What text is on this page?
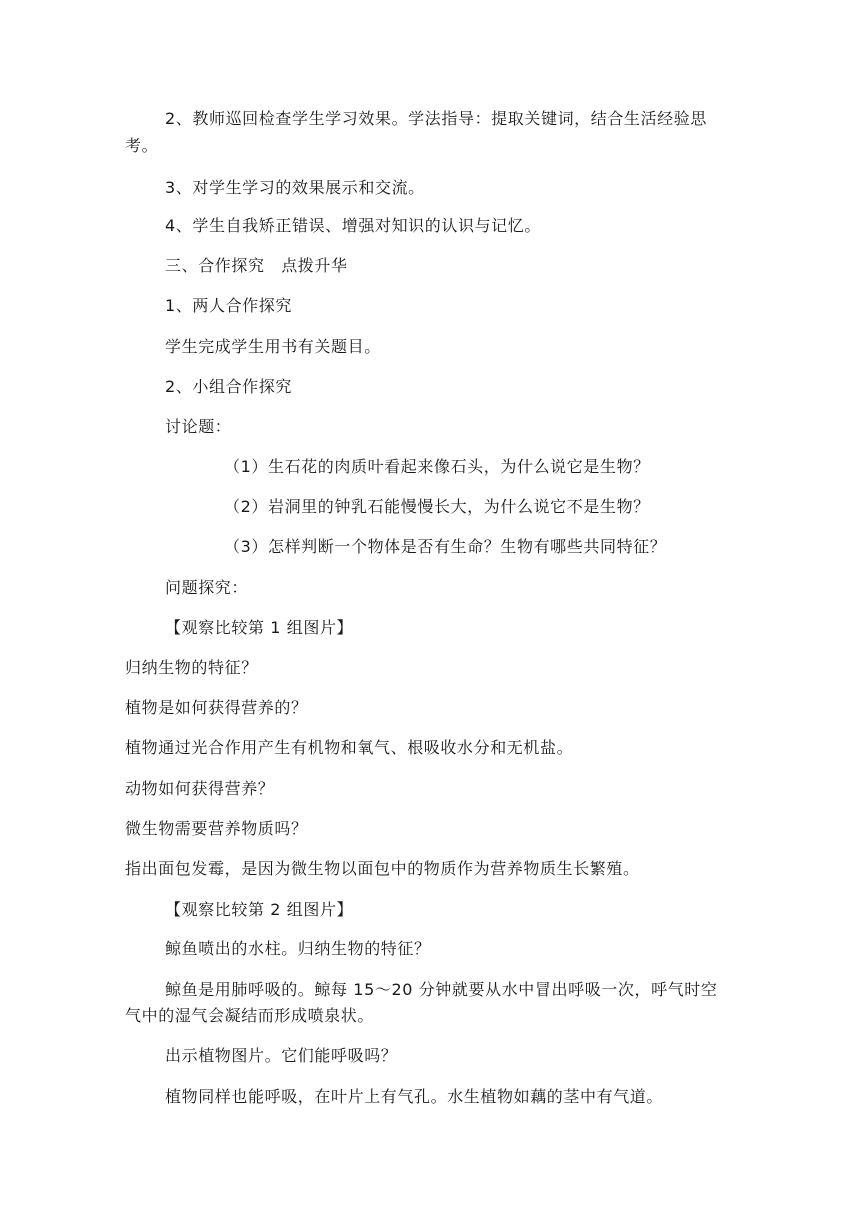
2、教师巡回检查学生学习效果。学法指导：提取关键词，结合生活经验思
考。
3、对学生学习的效果展示和交流。
4、学生自我矫正错误、增强对知识的认识与记忆。
三、合作探究　点拨升华
1、两人合作探究
学生完成学生用书有关题目。
2、小组合作探究
讨论题：
（1）生石花的肉质叶看起来像石头，为什么说它是生物？
（2）岩洞里的钟乳石能慢慢长大，为什么说它不是生物？
（3）怎样判断一个物体是否有生命？生物有哪些共同特征？
问题探究：
【观察比较第 1 组图片】
归纳生物的特征？
植物是如何获得营养的？
植物通过光合作用产生有机物和氧气、根吸收水分和无机盐。
动物如何获得营养？
微生物需要营养物质吗？
指出面包发霉，是因为微生物以面包中的物质作为营养物质生长繁殖。
【观察比较第 2 组图片】
鲸鱼喷出的水柱。归纳生物的特征？
鲸鱼是用肺呼吸的。鲸每 15～20 分钟就要从水中冒出呼吸一次，呼气时空
气中的湿气会凝结而形成喷泉状。
出示植物图片。它们能呼吸吗？
植物同样也能呼吸，在叶片上有气孔。水生植物如藕的茎中有气道。
